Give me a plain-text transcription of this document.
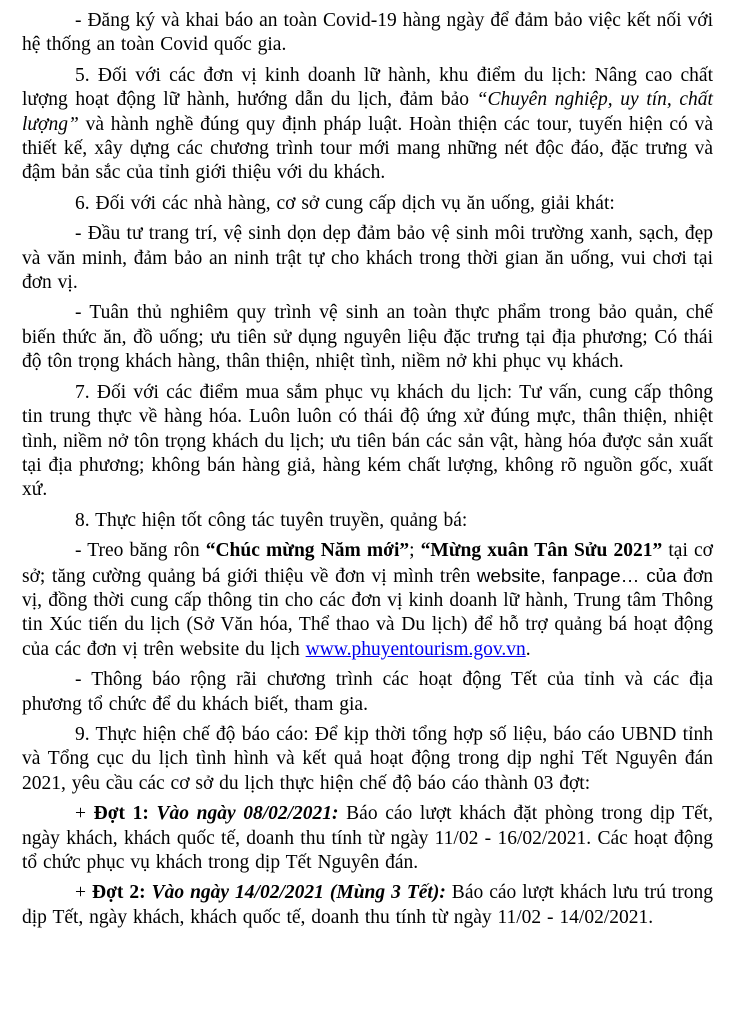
- Đăng ký và khai báo an toàn Covid-19 hàng ngày để đảm bảo việc kết nối với hệ thống an toàn Covid quốc gia.

5. Đối với các đơn vị kinh doanh lữ hành, khu điểm du lịch: Nâng cao chất lượng hoạt động lữ hành, hướng dẫn du lịch, đảm bảo “Chuyên nghiệp, uy tín, chất lượng” và hành nghề đúng quy định pháp luật. Hoàn thiện các tour, tuyến hiện có và thiết kế, xây dựng các chương trình tour mới mang những nét độc đáo, đặc trưng và đậm bản sắc của tỉnh giới thiệu với du khách.

6. Đối với các nhà hàng, cơ sở cung cấp dịch vụ ăn uống, giải khát:

- Đầu tư trang trí, vệ sinh dọn dẹp đảm bảo vệ sinh môi trường xanh, sạch, đẹp và văn minh, đảm bảo an ninh trật tự cho khách trong thời gian ăn uống, vui chơi tại đơn vị.

- Tuân thủ nghiêm quy trình vệ sinh an toàn thực phẩm trong bảo quản, chế biến thức ăn, đồ uống; ưu tiên sử dụng nguyên liệu đặc trưng tại địa phương; Có thái độ tôn trọng khách hàng, thân thiện, nhiệt tình, niềm nở khi phục vụ khách.

7. Đối với các điểm mua sắm phục vụ khách du lịch: Tư vấn, cung cấp thông tin trung thực về hàng hóa. Luôn luôn có thái độ ứng xử đúng mực, thân thiện, nhiệt tình, niềm nở tôn trọng khách du lịch; ưu tiên bán các sản vật, hàng hóa được sản xuất tại địa phương; không bán hàng giả, hàng kém chất lượng, không rõ nguồn gốc, xuất xứ.

8. Thực hiện tốt công tác tuyên truyền, quảng bá:

- Treo băng rôn “Chúc mừng Năm mới”; “Mừng xuân Tân Sửu 2021” tại cơ sở; tăng cường quảng bá giới thiệu về đơn vị mình trên website, fanpage… của đơn vị, đồng thời cung cấp thông tin cho các đơn vị kinh doanh lữ hành, Trung tâm Thông tin Xúc tiến du lịch (Sở Văn hóa, Thể thao và Du lịch) để hỗ trợ quảng bá hoạt động của các đơn vị trên website du lịch www.phuyentourism.gov.vn.

- Thông báo rộng rãi chương trình các hoạt động Tết của tỉnh và các địa phương tổ chức để du khách biết, tham gia.

9. Thực hiện chế độ báo cáo: Để kịp thời tổng hợp số liệu, báo cáo UBND tỉnh và Tổng cục du lịch tình hình và kết quả hoạt động trong dịp nghỉ Tết Nguyên đán 2021, yêu cầu các cơ sở du lịch thực hiện chế độ báo cáo thành 03 đợt:

+ Đợt 1: Vào ngày 08/02/2021: Báo cáo lượt khách đặt phòng trong dịp Tết, ngày khách, khách quốc tế, doanh thu tính từ ngày 11/02 - 16/02/2021. Các hoạt động tổ chức phục vụ khách trong dịp Tết Nguyên đán.

+ Đợt 2: Vào ngày 14/02/2021 (Mùng 3 Tết): Báo cáo lượt khách lưu trú trong dịp Tết, ngày khách, khách quốc tế, doanh thu tính từ ngày 11/02 - 14/02/2021.
